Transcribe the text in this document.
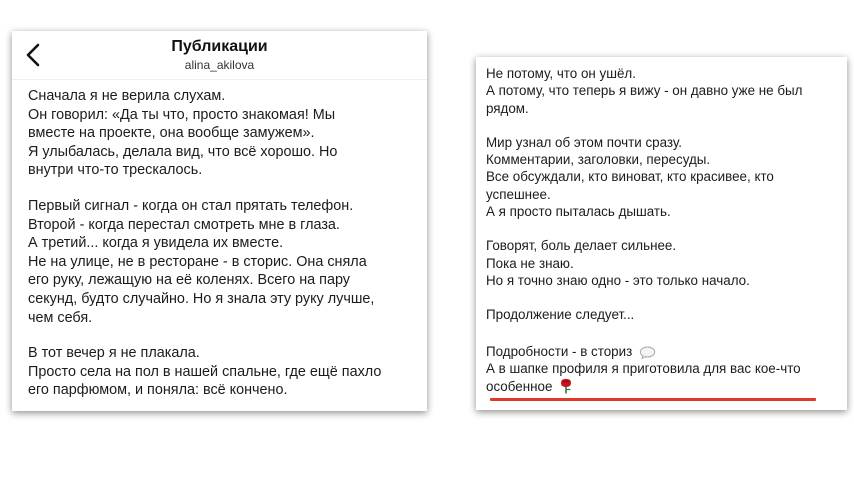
Публикации
alina_akilova
Сначала я не верила слухам.
Он говорил: «Да ты что, просто знакомая! Мы
вместе на проекте, она вообще замужем».
Я улыбалась, делала вид, что всё хорошо. Но
внутри что-то трескалось.
Первый сигнал - когда он стал прятать телефон.
Второй - когда перестал смотреть мне в глаза.
А третий... когда я увидела их вместе.
Не на улице, не в ресторане - в сторис. Она сняла
его руку, лежащую на её коленях. Всего на пару
секунд, будто случайно. Но я знала эту руку лучше,
чем себя.
В тот вечер я не плакала.
Просто села на пол в нашей спальне, где ещё пахло
его парфюмом, и поняла: всё кончено.
Не потому, что он ушёл.
А потому, что теперь я вижу - он давно уже не был
рядом.
Мир узнал об этом почти сразу.
Комментарии, заголовки, пересуды.
Все обсуждали, кто виноват, кто красивее, кто
успешнее.
А я просто пыталась дышать.
Говорят, боль делает сильнее.
Пока не знаю.
Но я точно знаю одно - это только начало.
Продолжение следует...
Подробности - в сториз
А в шапке профиля я приготовила для вас кое-что
особенное
